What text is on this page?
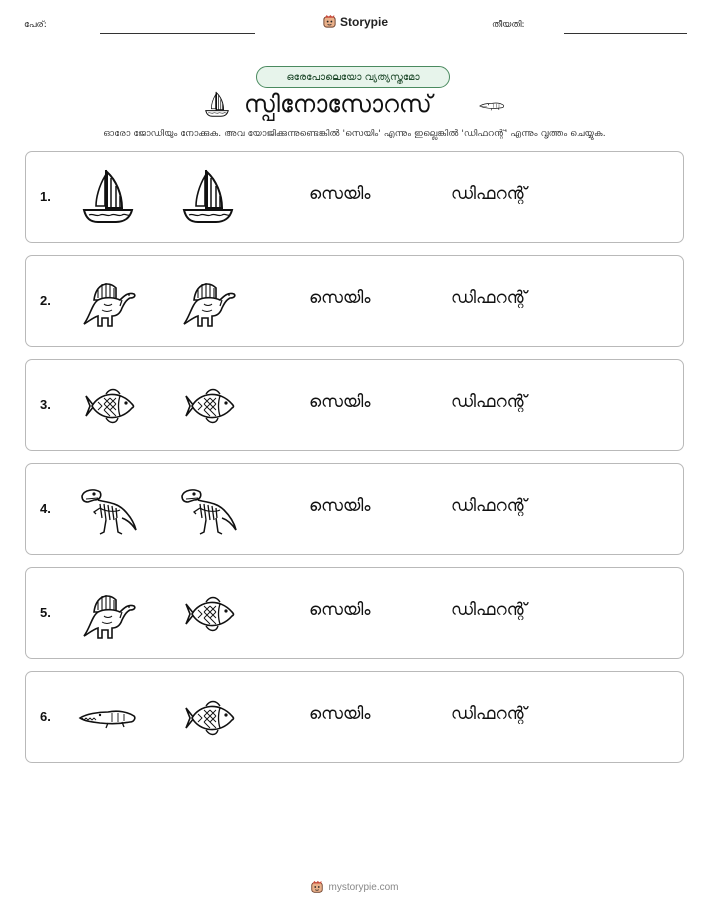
പേര്:	Storypie	തീയതി:
ഒരേപോലെയോ വ്യത്യസ്തമോ
സ്പിനോസോറസ്
ഓരോ ജോഡിയും നോക്കുക. അവ യോജിക്കുന്നുണ്ടെങ്കിൽ 'സെയിം' എന്നും ഇല്ലെങ്കിൽ 'ഡിഫറന്റ്' എന്നും വൃത്തം ചെയ്യുക.
1.	സെയിം	ഡിഫറന്റ്
2.	സെയിം	ഡിഫറന്റ്
3.	സെയിം	ഡിഫറന്റ്
4.	സെയിം	ഡിഫറന്റ്
5.	സെയിം	ഡിഫറന്റ്
6.	സെയിം	ഡിഫറന്റ്
mystorypie.com
